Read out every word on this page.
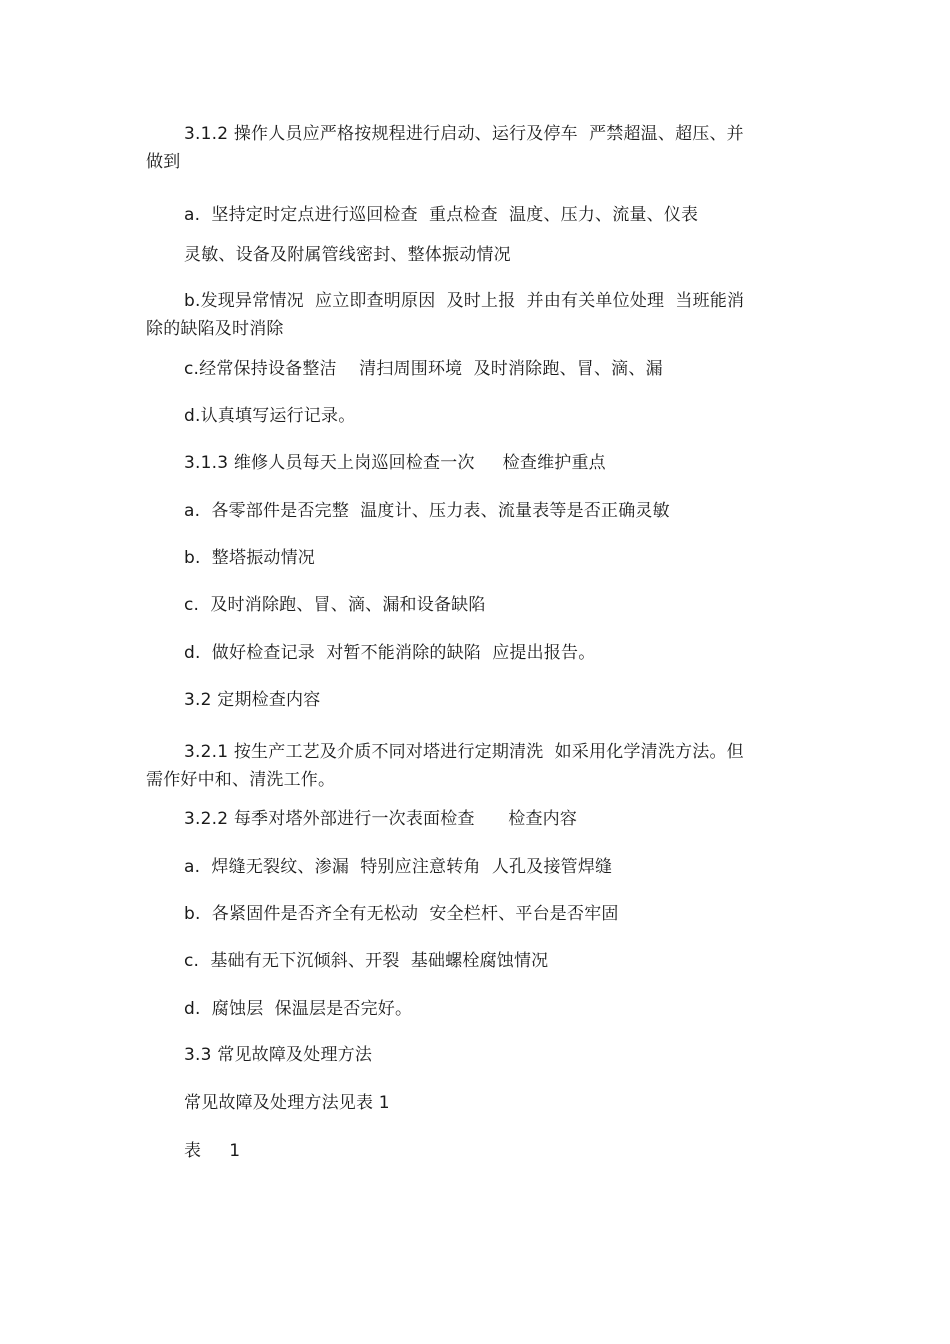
3.1.2 操作人员应严格按规程进行启动、运行及停车  严禁超温、超压、并
做到
a.  坚持定时定点进行巡回检查  重点检查  温度、压力、流量、仪表
灵敏、设备及附属管线密封、整体振动情况
b.发现异常情况  应立即查明原因  及时上报  并由有关单位处理  当班能消
除的缺陷及时消除
c.经常保持设备整洁    清扫周围环境  及时消除跑、冒、滴、漏
d.认真填写运行记录。
3.1.3 维修人员每天上岗巡回检查一次     检查维护重点
a.  各零部件是否完整  温度计、压力表、流量表等是否正确灵敏
b.  整塔振动情况
c.  及时消除跑、冒、滴、漏和设备缺陷
d.  做好检查记录  对暂不能消除的缺陷  应提出报告。
3.2 定期检查内容
3.2.1 按生产工艺及介质不同对塔进行定期清洗  如采用化学清洗方法。但
需作好中和、清洗工作。
3.2.2 每季对塔外部进行一次表面检查      检查内容
a.  焊缝无裂纹、渗漏  特别应注意转角  人孔及接管焊缝
b.  各紧固件是否齐全有无松动  安全栏杆、平台是否牢固
c.  基础有无下沉倾斜、开裂  基础螺栓腐蚀情况
d.  腐蚀层  保温层是否完好。
3.3 常见故障及处理方法
常见故障及处理方法见表 1
表     1
